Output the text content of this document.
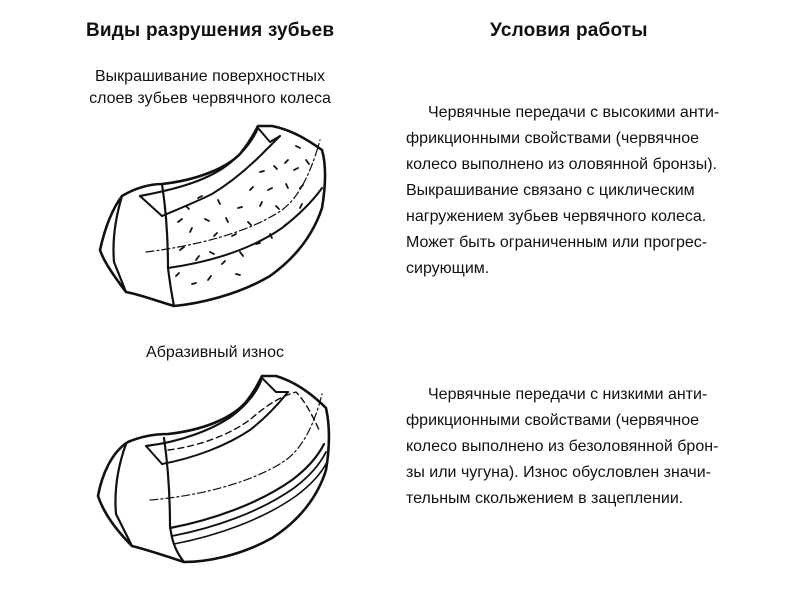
Виды разрушения зубьев	Условия работы
Выкрашивание поверхностных
слоев зубьев червячного колеса
Червячные передачи с высокими анти-
фрикционными свойствами (червячное
колесо выполнено из оловянной бронзы).
Выкрашивание связано с циклическим
нагружением зубьев червячного колеса.
Может быть ограниченным или прогрес-
сирующим.
Абразивный износ
Червячные передачи с низкими анти-
фрикционными свойствами (червячное
колесо выполнено из безоловянной брон-
зы или чугуна). Износ обусловлен значи-
тельным скольжением в зацеплении.
